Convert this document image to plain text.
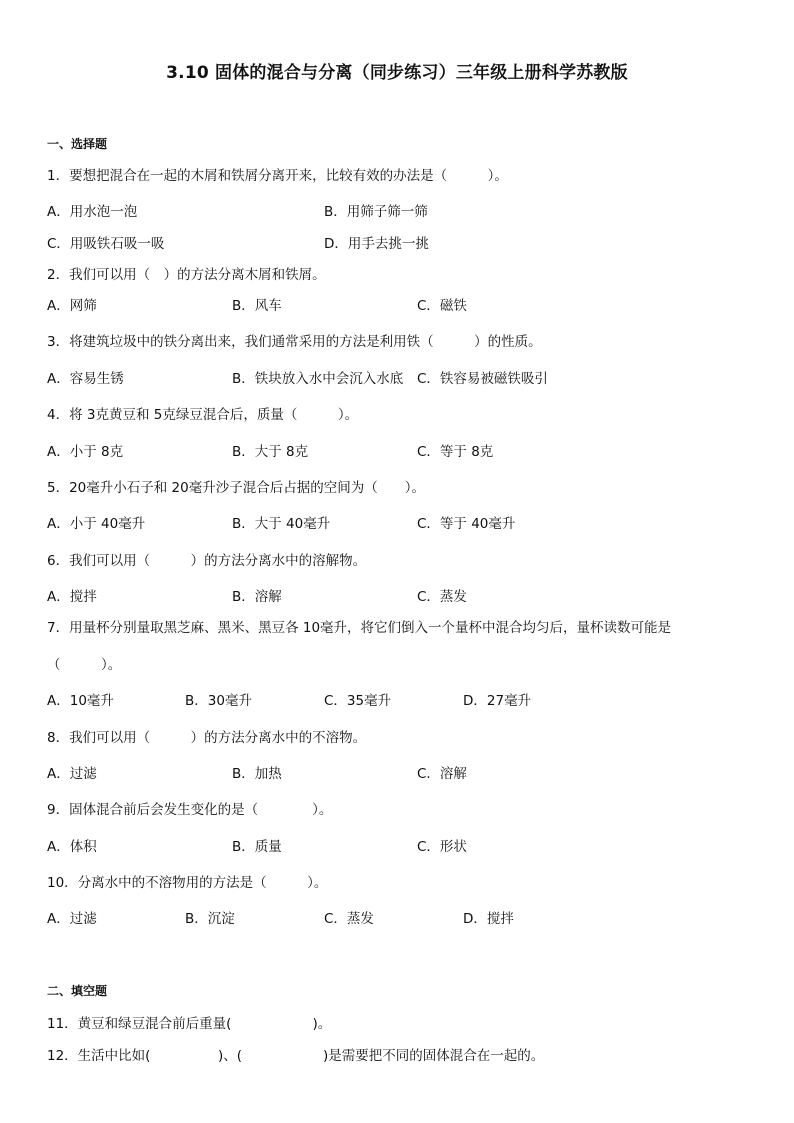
3.10 固体的混合与分离（同步练习）三年级上册科学苏教版
一、选择题
1．要想把混合在一起的木屑和铁屑分离开来，比较有效的办法是（　　　）。
A．用水泡一泡	B．用筛子筛一筛
C．用吸铁石吸一吸	D．用手去挑一挑
2．我们可以用（　）的方法分离木屑和铁屑。
A．网筛	B．风车	C．磁铁
3．将建筑垃圾中的铁分离出来，我们通常采用的方法是利用铁（　　　）的性质。
A．容易生锈	B．铁块放入水中会沉入水底 C．铁容易被磁铁吸引
4．将 3克黄豆和 5克绿豆混合后，质量（　　　）。
A．小于 8克	B．大于 8克	C．等于 8克
5．20毫升小石子和 20毫升沙子混合后占据的空间为（　　）。
A．小于 40毫升	B．大于 40毫升	C．等于 40毫升
6．我们可以用（　　　）的方法分离水中的溶解物。
A．搅拌	B．溶解	C．蒸发
7．用量杯分别量取黑芝麻、黑米、黑豆各 10毫升，将它们倒入一个量杯中混合均匀后，量杯读数可能是
（　　　）。
A．10毫升	B．30毫升	C．35毫升	D．27毫升
8．我们可以用（　　　）的方法分离水中的不溶物。
A．过滤	B．加热	C．溶解
9．固体混合前后会发生变化的是（　　　　）。
A．体积	B．质量	C．形状
10．分离水中的不溶物用的方法是（　　　）。
A．过滤	B．沉淀	C．蒸发	D．搅拌
二、填空题
11．黄豆和绿豆混合前后重量(　　　　　　)。
12．生活中比如(　　　　　)、(　　　　　　)是需要把不同的固体混合在一起的。
